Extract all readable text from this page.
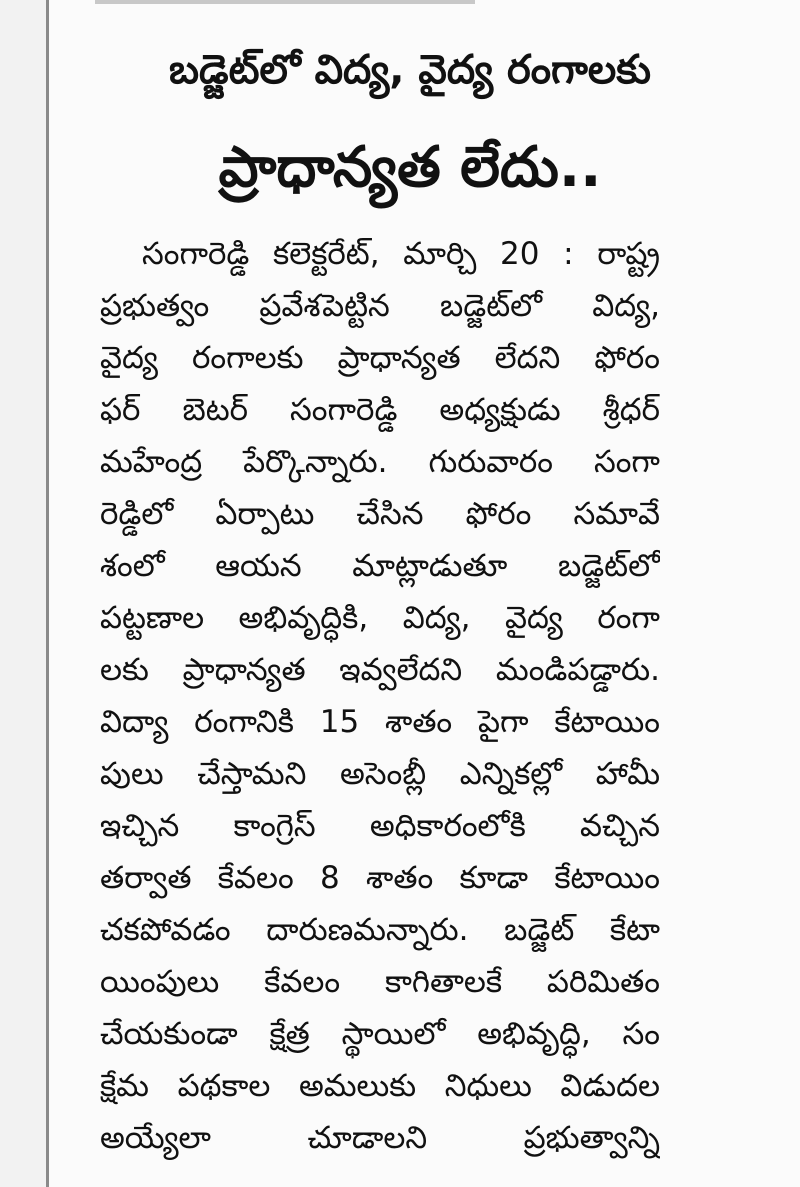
బడ్జెట్‌లో విద్య, వైద్య రంగాలకు
ప్రాధాన్యత లేదు..
సంగారెడ్డి కలెక్టరేట్, మార్చి 20 : రాష్ట్ర
ప్రభుత్వం ప్రవేశపెట్టిన బడ్జెట్‌లో విద్య,
వైద్య రంగాలకు ప్రాధాన్యత లేదని ఫోరం
ఫర్ బెటర్ సంగారెడ్డి అధ్యక్షుడు శ్రీధర్
మహేంద్ర పేర్కొన్నారు. గురువారం సంగా
రెడ్డిలో ఏర్పాటు చేసిన ఫోరం సమావే
శంలో ఆయన మాట్లాడుతూ బడ్జెట్‌లో
పట్టణాల అభివృద్ధికి, విద్య, వైద్య రంగా
లకు ప్రాధాన్యత ఇవ్వలేదని మండిపడ్డారు.
విద్యా రంగానికి 15 శాతం పైగా కేటాయిం
పులు చేస్తామని అసెంబ్లీ ఎన్నికల్లో హామీ
ఇచ్చిన కాంగ్రెస్ అధికారంలోకి వచ్చిన
తర్వాత కేవలం 8 శాతం కూడా కేటాయిం
చకపోవడం దారుణమన్నారు. బడ్జెట్ కేటా
యింపులు కేవలం కాగితాలకే పరిమితం
చేయకుండా క్షేత్ర స్థాయిలో అభివృద్ధి, సం
క్షేమ పథకాల అమలుకు నిధులు విడుదల
అయ్యేలా చూడాలని ప్రభుత్వాన్ని
